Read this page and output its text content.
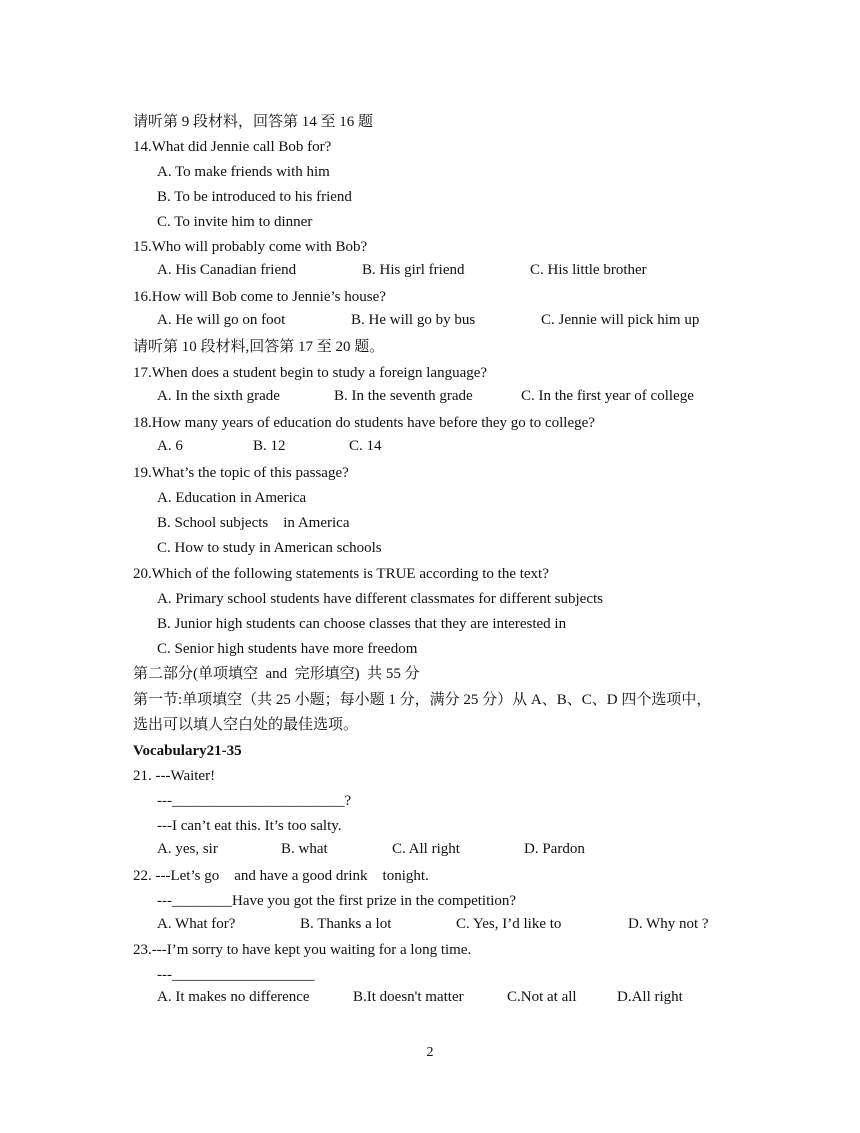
请听第 9 段材料，回答第 14 至 16 题
14.What did Jennie call Bob for?
A. To make friends with him
B. To be introduced to his friend
C. To invite him to dinner
15.Who will probably come with Bob?
A. His Canadian friend	B. His girl friend	C. His little brother
16.How will Bob come to Jennie’s house?
A. He will go on foot	B. He will go by bus	C. Jennie will pick him up
请听第 10 段材料,回答第 17 至 20 题。
17.When does a student begin to study a foreign language?
A. In the sixth grade	B. In the seventh grade	C. In the first year of college
18.How many years of education do students have before they go to college?
A. 6	B. 12	C. 14
19.What’s the topic of this passage?
A. Education in America
B. School subjects    in America
C. How to study in American schools
20.Which of the following statements is TRUE according to the text?
A. Primary school students have different classmates for different subjects
B. Junior high students can choose classes that they are interested in
C. Senior high students have more freedom
第二部分(单项填空  and  完形填空)  共 55 分
第一节:单项填空（共 25 小题；每小题 1 分，满分 25 分）从 A、B、C、D 四个选项中，
选出可以填人空白处的最佳选项。
Vocabulary21-35
21. ---Waiter!
---_______________________?
---I can’t eat this. It’s too salty.
A. yes, sir	B. what	C. All right	D. Pardon
22. ---Let’s go    and have a good drink    tonight.
---________Have you got the first prize in the competition?
A. What for?	B. Thanks a lot	C. Yes, I’d like to	D. Why not ?
23.---I’m sorry to have kept you waiting for a long time.
---___________________
A. It makes no difference	B.It doesn't matter	C.Not at all	D.All right
2
